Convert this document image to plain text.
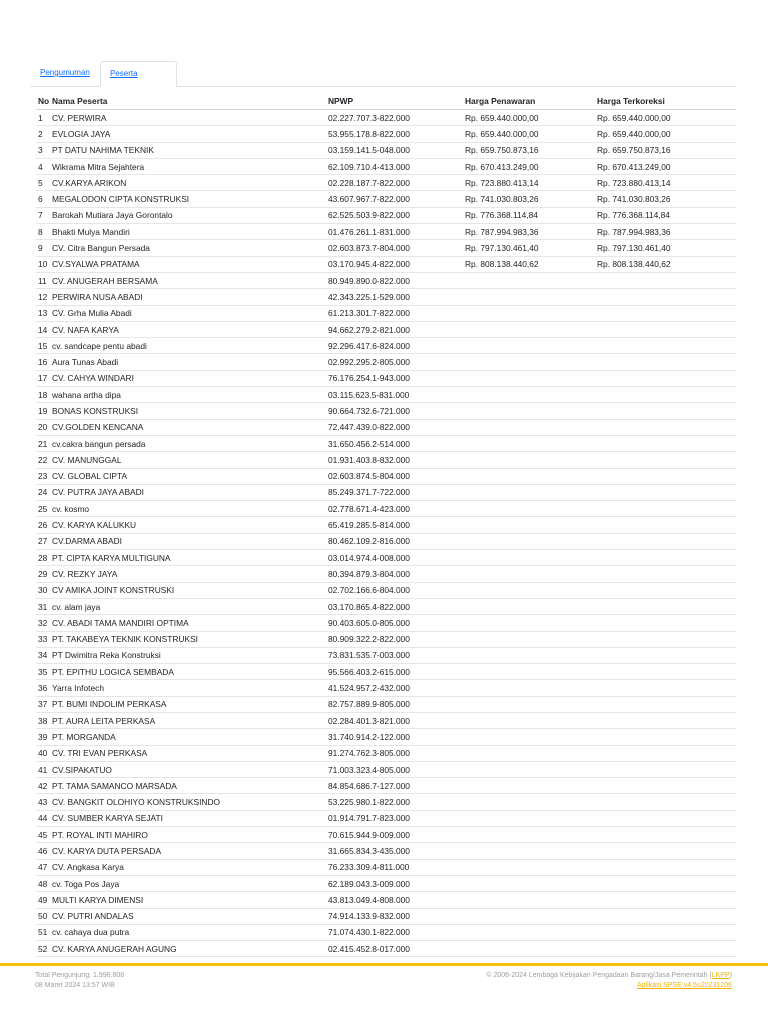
Pengumuman	Peserta
No	Nama Peserta	NPWP	Harga Penawaran	Harga Terkoreksi
1	CV. PERWIRA	02.227.707.3-822.000	Rp. 659.440.000,00	Rp. 659.440.000,00
2	EVLOGIA JAYA	53.955.178.8-822.000	Rp. 659.440.000,00	Rp. 659.440.000,00
3	PT DATU NAHIMA TEKNIK	03.159.141.5-048.000	Rp. 659.750.873,16	Rp. 659.750.873,16
4	Wikrama Mitra Sejahtera	62.109.710.4-413.000	Rp. 670.413.249,00	Rp. 670.413.249,00
5	CV.KARYA ARIKON	02.228.187.7-822.000	Rp. 723.880.413,14	Rp. 723.880.413,14
6	MEGALODON CIPTA KONSTRUKSI	43.607.967.7-822.000	Rp. 741.030.803,26	Rp. 741.030.803,26
7	Barokah Mutiara Jaya Gorontalo	62.525.503.9-822.000	Rp. 776.368.114,84	Rp. 776.368.114,84
8	Bhakti Mulya Mandiri	01.476.261.1-831.000	Rp. 787.994.983,36	Rp. 787.994.983,36
9	CV. Citra Bangun Persada	02.603.873.7-804.000	Rp. 797.130.461,40	Rp. 797.130.461,40
10	CV.SYALWA PRATAMA	03.170.945.4-822.000	Rp. 808.138.440,62	Rp. 808.138.440,62
11	CV. ANUGERAH BERSAMA	80.949.890.0-822.000		
12	PERWIRA NUSA ABADI	42.343.225.1-529.000		
13	CV. Grha Mulia Abadi	61.213.301.7-822.000		
14	CV. NAFA KARYA	94.662.279.2-821.000		
15	cv. sandcape pentu abadi	92.296.417.6-824.000		
16	Aura Tunas Abadi	02.992.295.2-805.000		
17	CV. CAHYA WINDARI	76.176.254.1-943.000		
18	wahana artha dipa	03.115.623.5-831.000		
19	BONAS KONSTRUKSI	90.664.732.6-721.000		
20	CV.GOLDEN KENCANA	72.447.439.0-822.000		
21	cv.cakra bangun persada	31.650.456.2-514.000		
22	CV. MANUNGGAL	01.931.403.8-832.000		
23	CV. GLOBAL CIPTA	02.603.874.5-804.000		
24	CV. PUTRA JAYA ABADI	85.249.371.7-722.000		
25	cv. kosmo	02.778.671.4-423.000		
26	CV. KARYA KALUKKU	65.419.285.5-814.000		
27	CV.DARMA ABADI	80.462.109.2-816.000		
28	PT. CIPTA KARYA MULTIGUNA	03.014.974.4-008.000		
29	CV. REZKY JAYA	80.394.879.3-804.000		
30	CV AMIKA JOINT KONSTRUSKI	02.702.166.6-804.000		
31	cv. alam jaya	03.170.865.4-822.000		
32	CV. ABADI TAMA MANDIRI OPTIMA	90.403.605.0-805.000		
33	PT. TAKABEYA TEKNIK KONSTRUKSI	80.909.322.2-822.000		
34	PT Dwimitra Reka Konstruksi	73.831.535.7-003.000		
35	PT. EPITHU LOGICA SEMBADA	95.566.403.2-615.000		
36	Yarra Infotech	41.524.957.2-432.000		
37	PT. BUMI INDOLIM PERKASA	82.757.889.9-805.000		
38	PT. AURA LEITA PERKASA	02.284.401.3-821.000		
39	PT. MORGANDA	31.740.914.2-122.000		
40	CV. TRI EVAN PERKASA	91.274.762.3-805.000		
41	CV.SIPAKATUO	71.003.323.4-805.000		
42	PT. TAMA SAMANCO MARSADA	84.854.686.7-127.000		
43	CV. BANGKIT OLOHIYO KONSTRUKSINDO	53.225.980.1-822.000		
44	CV. SUMBER KARYA SEJATI	01.914.791.7-823.000		
45	PT. ROYAL INTI MAHIRO	70.615.944.9-009.000		
46	CV. KARYA DUTA PERSADA	31.665.834.3-435.000		
47	CV. Angkasa Karya	76.233.309.4-811.000		
48	cv. Toga Pos Jaya	62.189.043.3-009.000		
49	MULTI KARYA DIMENSI	43.813.049.4-808.000		
50	CV. PUTRI ANDALAS	74.914.133.9-832.000		
51	cv. cahaya dua putra	71.074.430.1-822.000		
52	CV. KARYA ANUGERAH AGUNG	02.415.452.8-017.000		
Total Pengunjung: 1.996.808
08 Maret 2024 13:57 WIB
© 2006-2024 Lembaga Kebijakan Pengadaan Barang/Jasa Pemerintah (LKPP)
Aplikasi SPSE v4.5u20231206
